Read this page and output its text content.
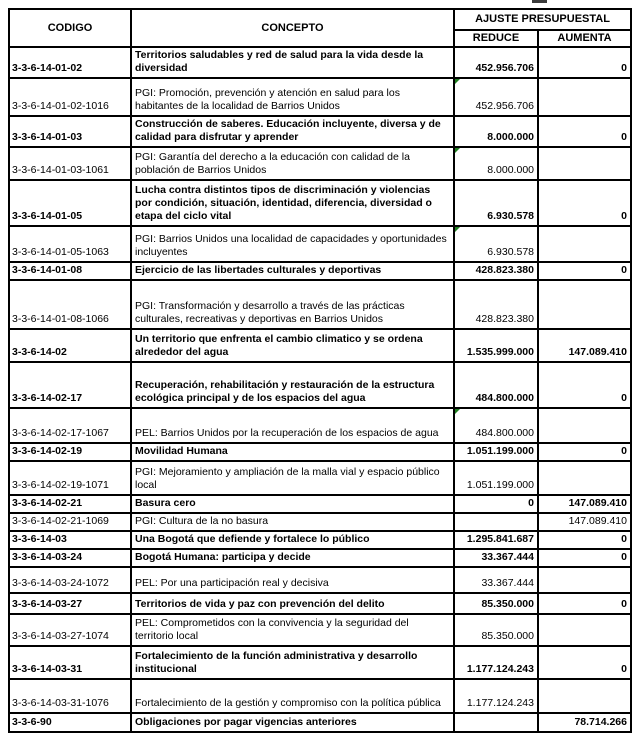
CODIGO	CONCEPTO	AJUSTE PRESUPUESTAL	
		REDUCE	AUMENTA
3-3-6-14-01-02	Territorios saludables y red de salud para la vida desde la diversidad	452.956.706	0
3-3-6-14-01-02-1016	PGI: Promoción, prevención y atención en salud para los habitantes de la localidad de Barrios Unidos	452.956.706

3-3-6-14-01-03	Construcción de saberes. Educación incluyente, diversa y de calidad para disfrutar y aprender	8.000.000	0
3-3-6-14-01-03-1061	PGI: Garantía del derecho a la educación con calidad de la población de Barrios Unidos	8.000.000

3-3-6-14-01-05	Lucha contra distintos tipos de discriminación y violencias por condición, situación, identidad, diferencia, diversidad o etapa del ciclo vital	6.930.578	0
3-3-6-14-01-05-1063	PGI: Barrios Unidos una localidad de capacidades y oportunidades incluyentes	6.930.578

3-3-6-14-01-08	Ejercicio de las libertades culturales y deportivas	428.823.380	0
3-3-6-14-01-08-1066	PGI: Transformación y desarrollo a través de las prácticas culturales, recreativas y deportivas en Barrios Unidos	428.823.380	
3-3-6-14-02	Un territorio que enfrenta el cambio climatico y se ordena alrededor del agua	1.535.999.000	147.089.410
3-3-6-14-02-17	Recuperación, rehabilitación y restauración de la estructura ecológica principal y de los espacios del agua	484.800.000	0
3-3-6-14-02-17-1067	PEL: Barrios Unidos por la recuperación de los espacios de agua	484.800.000

3-3-6-14-02-19	Movilidad Humana	1.051.199.000	0
3-3-6-14-02-19-1071	PGI: Mejoramiento y ampliación de la malla vial y espacio público local	1.051.199.000	
3-3-6-14-02-21	Basura cero	0	147.089.410
3-3-6-14-02-21-1069	PGI: Cultura de la no basura		147.089.410
3-3-6-14-03	Una Bogotá que defiende y fortalece lo público	1.295.841.687	0
3-3-6-14-03-24	Bogotá Humana: participa y decide	33.367.444	0
3-3-6-14-03-24-1072	PEL: Por una participación real y decisiva	33.367.444	
3-3-6-14-03-27	Territorios de vida y paz con prevención del delito	85.350.000	0
3-3-6-14-03-27-1074	PEL: Comprometidos con la convivencia y la seguridad del territorio local	85.350.000	
3-3-6-14-03-31	Fortalecimiento de la función administrativa y desarrollo institucional	1.177.124.243	0
3-3-6-14-03-31-1076	Fortalecimiento de la gestión y compromiso con la política pública	1.177.124.243	
3-3-6-90	Obligaciones por pagar vigencias anteriores		78.714.266
